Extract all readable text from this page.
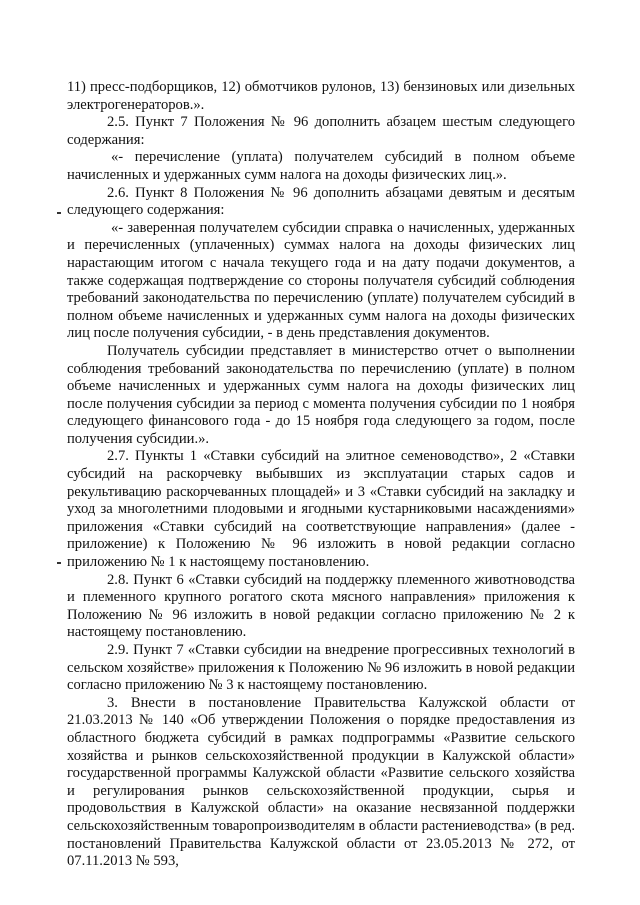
11) пресс-подборщиков, 12) обмотчиков рулонов, 13) бензиновых или дизельных электрогенераторов.».

2.5. Пункт 7 Положения № 96 дополнить абзацем шестым следующего содержания:

«- перечисление (уплата) получателем субсидий в полном объеме начисленных и удержанных сумм налога на доходы физических лиц.».

2.6. Пункт 8 Положения № 96 дополнить абзацами девятым и десятым следующего содержания:

«- заверенная получателем субсидии справка о начисленных, удержанных и перечисленных (уплаченных) суммах налога на доходы физических лиц нарастающим итогом с начала текущего года и на дату подачи документов, а также содержащая подтверждение со стороны получателя субсидий соблюдения требований законодательства по перечислению (уплате) получателем субсидий в полном объеме начисленных и удержанных сумм налога на доходы физических лиц после получения субсидии, - в день представления документов.

Получатель субсидии представляет в министерство отчет о выполнении соблюдения требований законодательства по перечислению (уплате) в полном объеме начисленных и удержанных сумм налога на доходы физических лиц после получения субсидии за период с момента получения субсидии по 1 ноября следующего финансового года - до 15 ноября года следующего за годом, после получения субсидии.».

2.7. Пункты 1 «Ставки субсидий на элитное семеноводство», 2 «Ставки субсидий на раскорчевку выбывших из эксплуатации старых садов и рекультивацию раскорчеванных площадей» и 3 «Ставки субсидий на закладку и уход за многолетними плодовыми и ягодными кустарниковыми насаждениями» приложения «Ставки субсидий на соответствующие направления» (далее - приложение) к Положению № 96 изложить в новой редакции согласно приложению № 1 к настоящему постановлению.

2.8. Пункт 6 «Ставки субсидий на поддержку племенного животноводства и племенного крупного рогатого скота мясного направления» приложения к Положению № 96 изложить в новой редакции согласно приложению № 2 к настоящему постановлению.

2.9. Пункт 7 «Ставки субсидии на внедрение прогрессивных технологий в сельском хозяйстве» приложения к Положению № 96 изложить в новой редакции согласно приложению № 3 к настоящему постановлению.

3. Внести в постановление Правительства Калужской области от 21.03.2013 № 140 «Об утверждении Положения о порядке предоставления из областного бюджета субсидий в рамках подпрограммы «Развитие сельского хозяйства и рынков сельскохозяйственной продукции в Калужской области» государственной программы Калужской области «Развитие сельского хозяйства и регулирования рынков сельскохозяйственной продукции, сырья и продовольствия в Калужской области» на оказание несвязанной поддержки сельскохозяйственным товаропроизводителям в области растениеводства» (в ред. постановлений Правительства Калужской области от 23.05.2013 № 272, от 07.11.2013 № 593,
